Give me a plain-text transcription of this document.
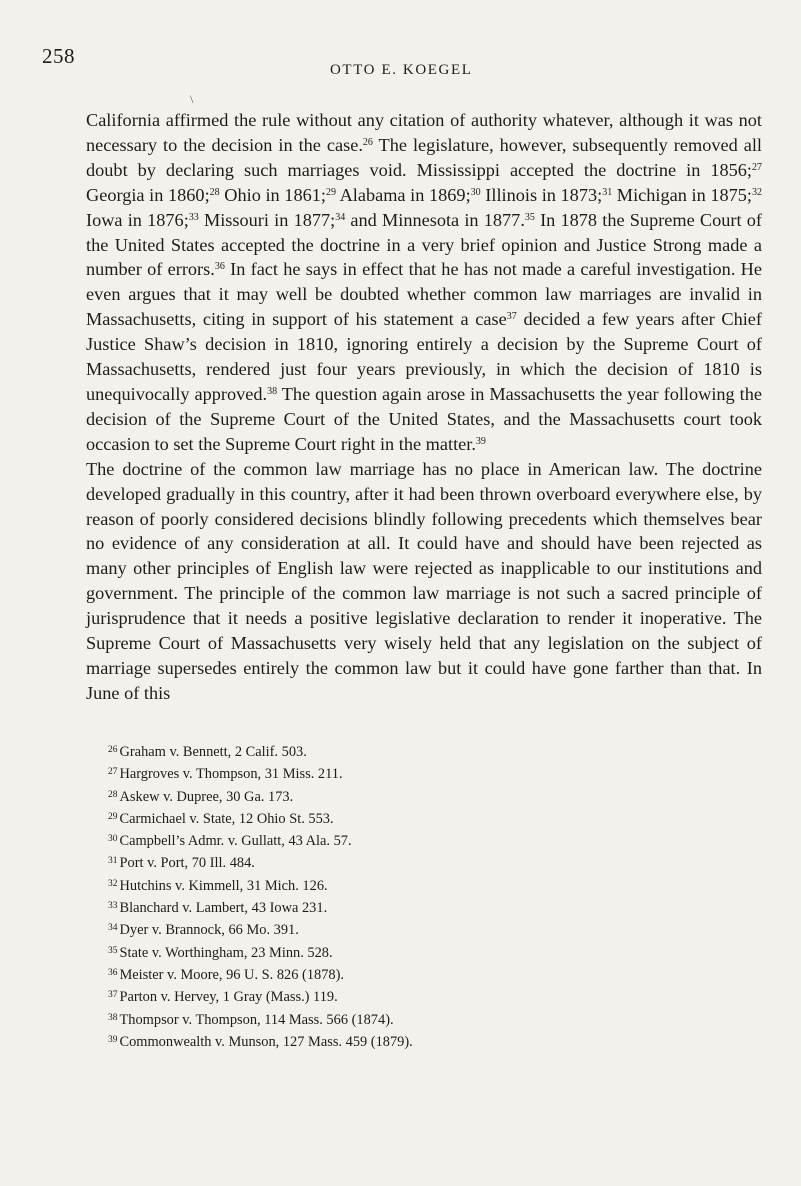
258
OTTO E. KOEGEL
\

California affirmed the rule without any citation of authority whatever, although it was not necessary to the decision in the case.$^{26}$ The legislature, however, subsequently removed all doubt by declaring such marriages void. Mississippi accepted the doctrine in 1856;$^{27}$ Georgia in 1860;$^{28}$ Ohio in 1861;$^{29}$ Alabama in 1869;$^{30}$ Illinois in 1873;$^{31}$ Michigan in 1875;$^{32}$ Iowa in 1876;$^{33}$ Missouri in 1877;$^{34}$ and Minnesota in 1877.35 In 1878 the Supreme Court of the United States accepted the doctrine in a very brief opinion and Justice Strong made a number of errors.$^{36}$ In fact he says in effect that he has not made a careful investigation. He even argues that it may well be doubted whether common law marriages are invalid in Massachusetts, citing in support of his statement a case$^{37}$ decided a few years after Chief Justice Shaw’s decision in 1810, ignoring entirely a decision by the Supreme Court of Massachusetts, rendered just four years previously, in which the decision of 1810 is unequivocally approved.$^{38}$ The question again arose in Massachusetts the year following the decision of the Supreme Court of the United States, and the Massachusetts court took occasion to set the Supreme Court right in the matter.$^{39}$

The doctrine of the common law marriage has no place in American law. The doctrine developed gradually in this country, after it had been thrown overboard everywhere else, by reason of poorly considered decisions blindly following precedents which themselves bear no evidence of any consideration at all. It could have and should have been rejected as many other principles of English law were rejected as inapplicable to our institutions and government. The principle of the common law marriage is not such a sacred principle of jurisprudence that it needs a positive legislative declaration to render it inoperative. The Supreme Court of Massachusetts very wisely held that any legislation on the subject of marriage supersedes entirely the common law but it could have gone farther than that. In June of this

$^{26}$ Graham v. Bennett, 2 Calif. 503.
$^{27}$ Hargroves v. Thompson, 31 Miss. 211.
$^{28}$ Askew v. Dupree, 30 Ga. 173.
$^{29}$ Carmichael v. State, 12 Ohio St. 553.
$^{30}$ Campbell’s Admr. v. Gullatt, 43 Ala. 57.
$^{31}$ Port v. Port, 70 Ill. 484.
$^{32}$ Hutchins v. Kimmell, 31 Mich. 126.
$^{33}$ Blanchard v. Lambert, 43 Iowa 231.
$^{34}$ Dyer v. Brannock, 66 Mo. 391.
$^{35}$ State v. Worthingham, 23 Minn. 528.
$^{36}$ Meister v. Moore, 96 U. S. 826 (1878).
$^{37}$ Parton v. Hervey, 1 Gray (Mass.) 119.
$^{38}$ Thompsor v. Thompson, 114 Mass. 566 (1874).
$^{39}$ Commonwealth v. Munson, 127 Mass. 459 (1879).
